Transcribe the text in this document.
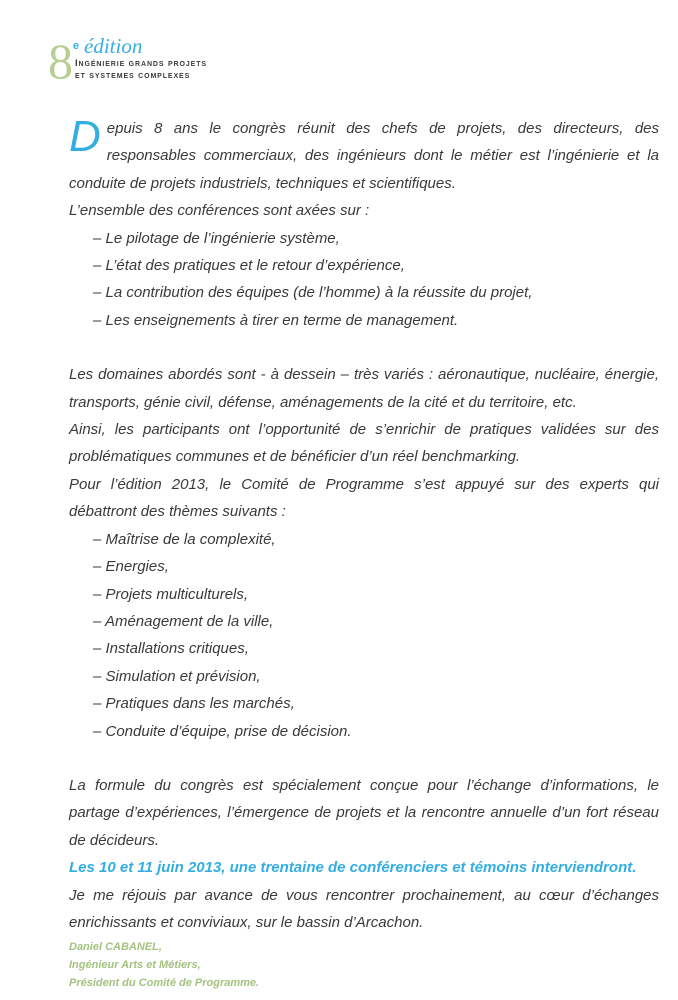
8 e édition
Ingénierie grands projets
et systemes complexes

Depuis 8 ans le congrès réunit des chefs de projets, des directeurs, des responsables commerciaux, des ingénieurs dont le métier est l’ingénierie et la conduite de projets industriels, techniques et scientifiques.

L’ensemble des conférences sont axées sur :

– Le pilotage de l’ingénierie système,
– L’état des pratiques et le retour d’expérience,
– La contribution des équipes (de l’homme) à la réussite du projet,
– Les enseignements à tirer en terme de management.

Les domaines abordés sont - à dessein – très variés : aéronautique, nucléaire, énergie, transports, génie civil, défense, aménagements de la cité et du territoire, etc.

Ainsi, les participants ont l’opportunité de s’enrichir de pratiques validées sur des problématiques communes et de bénéficier d’un réel benchmarking.

Pour l’édition 2013, le Comité de Programme s’est appuyé sur des experts qui débattront des thèmes suivants :

– Maîtrise de la complexité,
– Energies,
– Projets multiculturels,
– Aménagement de la ville,
– Installations critiques,
– Simulation et prévision,
– Pratiques dans les marchés,
– Conduite d’équipe, prise de décision.

La formule du congrès est spécialement conçue pour l’échange d’informations, le partage d’expériences, l’émergence de projets et la rencontre annuelle d’un fort réseau de décideurs.

Les 10 et 11 juin 2013, une trentaine de conférenciers et témoins interviendront.

Je me réjouis par avance de vous rencontrer prochainement, au cœur d’échanges enrichissants et conviviaux, sur le bassin d’Arcachon.

Daniel CABANEL,
Ingénieur Arts et Métiers,
Président du Comité de Programme.
